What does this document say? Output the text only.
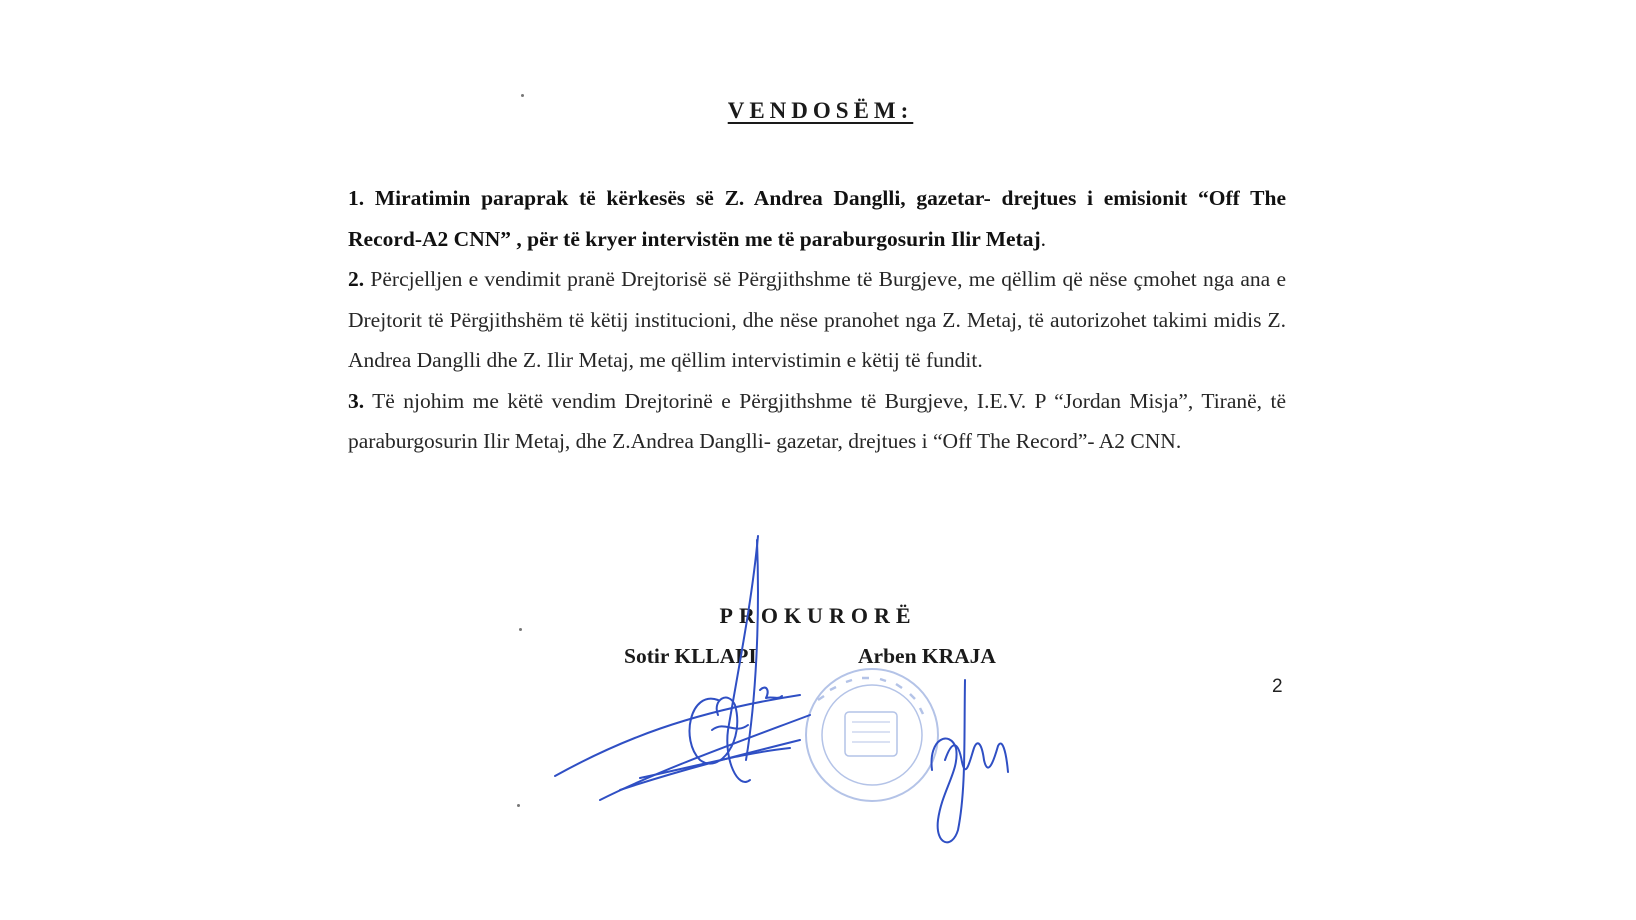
VENDOSËM:

1. Miratimin paraprak të kërkesës së Z. Andrea Danglli, gazetar- drejtues i emisionit “Off The Record-A2 CNN” , për të kryer intervistën me të paraburgosurin Ilir Metaj.

2. Përcjelljen e vendimit pranë Drejtorisë së Përgjithshme të Burgjeve, me qëllim që nëse çmohet nga ana e Drejtorit të Përgjithshëm të këtij institucioni, dhe nëse pranohet nga Z. Metaj, të autorizohet takimi midis Z. Andrea Danglli dhe Z. Ilir Metaj, me qëllim intervistimin e këtij të fundit.

3. Të njohim me këtë vendim Drejtorinë e Përgjithshme të Burgjeve, I.E.V. P “Jordan Misja”, Tiranë, të paraburgosurin Ilir Metaj, dhe Z.Andrea Danglli- gazetar, drejtues i “Off The Record”- A2 CNN.

PROKURORË
Sotir KLLAPI	Arben KRAJA
2
